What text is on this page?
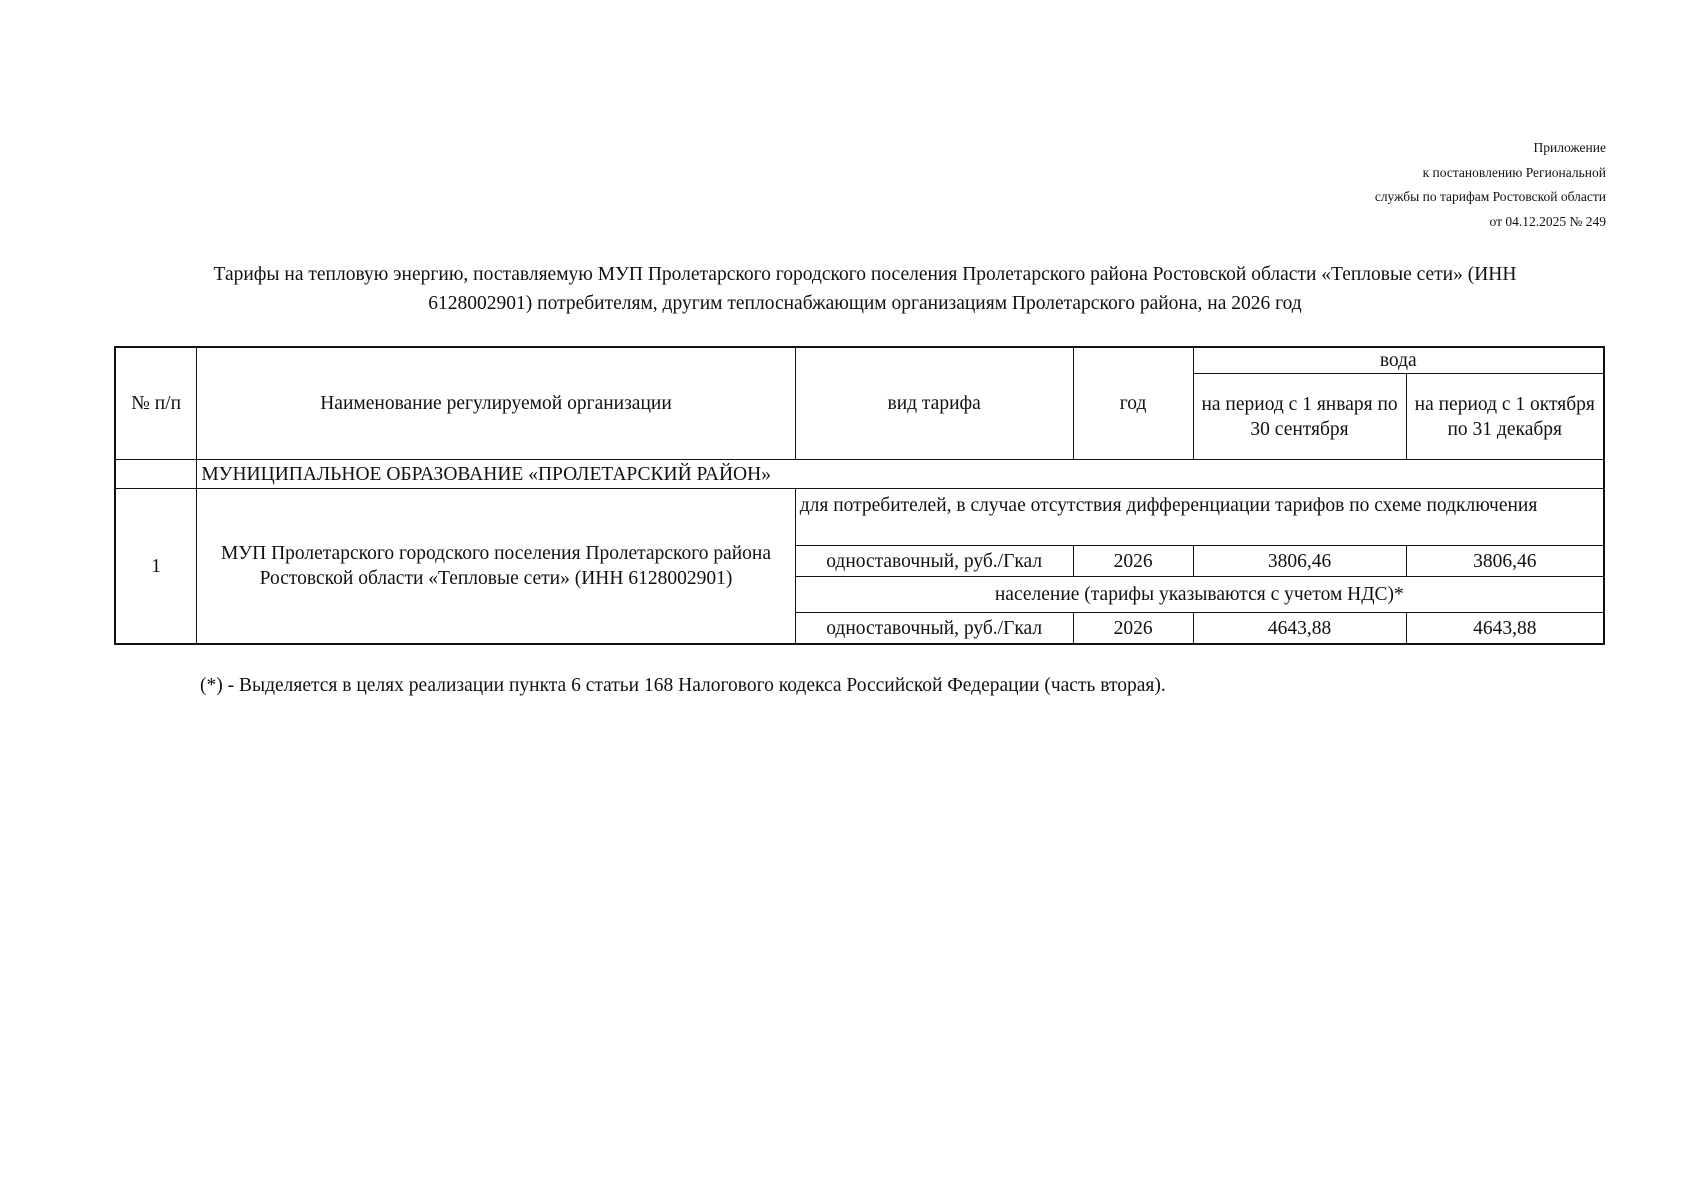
Приложение
к постановлению Региональной
службы по тарифам Ростовской области
от 04.12.2025 № 249
Тарифы на тепловую энергию, поставляемую МУП Пролетарского городского поселения Пролетарского района Ростовской области «Тепловые сети» (ИНН
6128002901) потребителям, другим теплоснабжающим организациям Пролетарского района, на 2026 год
№ п/п	Наименование регулируемой организации	вид тарифа	год	вода	
				на период с 1 января по 30 сентября	на период с 1 октября по 31 декабря
	МУНИЦИПАЛЬНОЕ ОБРАЗОВАНИЕ «ПРОЛЕТАРСКИЙ РАЙОН»				
1	МУП Пролетарского городского поселения Пролетарского района Ростовской области «Тепловые сети» (ИНН 6128002901)	для потребителей, в случае отсутствия дифференциации тарифов по схеме подключения			
		одноставочный, руб./Гкал	2026	3806,46	3806,46
		население (тарифы указываются с учетом НДС)*			
		одноставочный, руб./Гкал	2026	4643,88	4643,88
(*) - Выделяется в целях реализации пункта 6 статьи 168 Налогового кодекса Российской Федерации (часть вторая).
